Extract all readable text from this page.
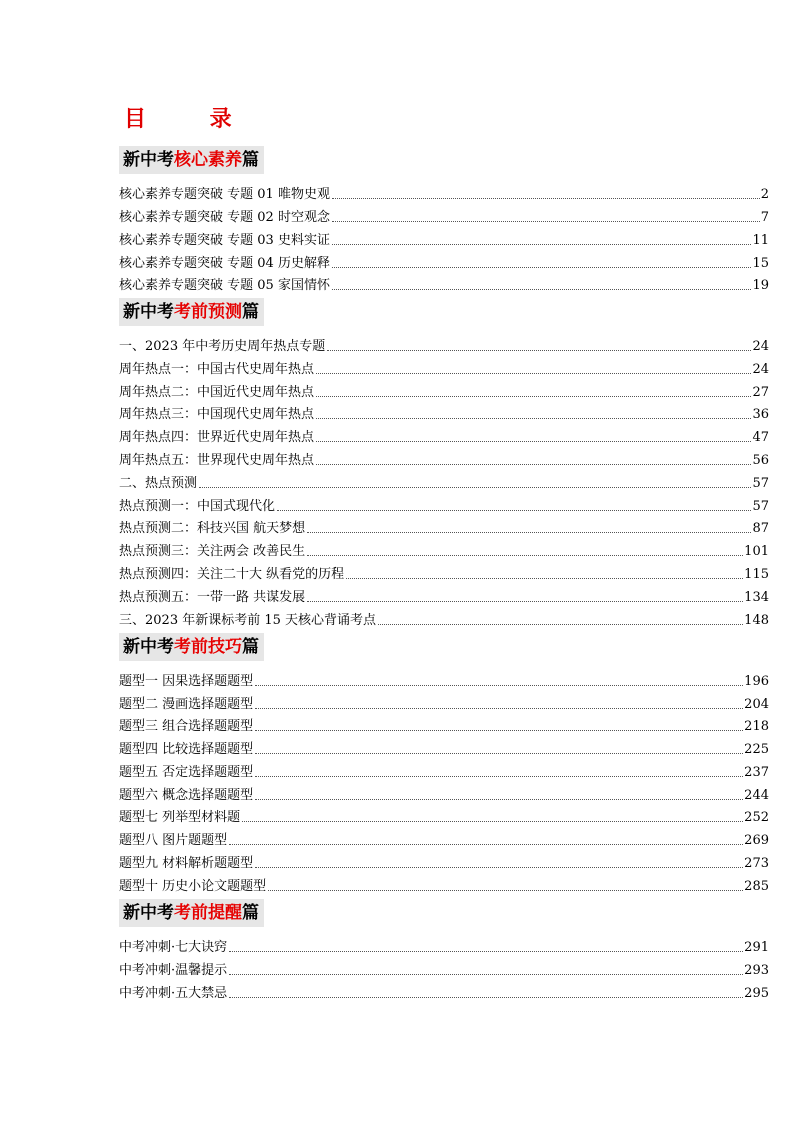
目 录
新中考核心素养篇
核心素养专题突破 专题 01 唯物史观	2
核心素养专题突破 专题 02 时空观念	7
核心素养专题突破 专题 03 史料实证	11
核心素养专题突破 专题 04 历史解释	15
核心素养专题突破 专题 05 家国情怀	19
新中考考前预测篇
一、2023 年中考历史周年热点专题	24
周年热点一：中国古代史周年热点	24
周年热点二：中国近代史周年热点	27
周年热点三：中国现代史周年热点	36
周年热点四：世界近代史周年热点	47
周年热点五：世界现代史周年热点	56
二、热点预测	57
热点预测一：中国式现代化	57
热点预测二：科技兴国 航天梦想	87
热点预测三：关注两会 改善民生	101
热点预测四：关注二十大 纵看党的历程	115
热点预测五：一带一路 共谋发展	134
三、2023 年新课标考前 15 天核心背诵考点	148
新中考考前技巧篇
题型一 因果选择题题型	196
题型二 漫画选择题题型	204
题型三 组合选择题题型	218
题型四 比较选择题题型	225
题型五 否定选择题题型	237
题型六 概念选择题题型	244
题型七 列举型材料题	252
题型八 图片题题型	269
题型九 材料解析题题型	273
题型十 历史小论文题题型	285
新中考考前提醒篇
中考冲刺·七大诀窍	291
中考冲刺·温馨提示	293
中考冲刺·五大禁忌	295
